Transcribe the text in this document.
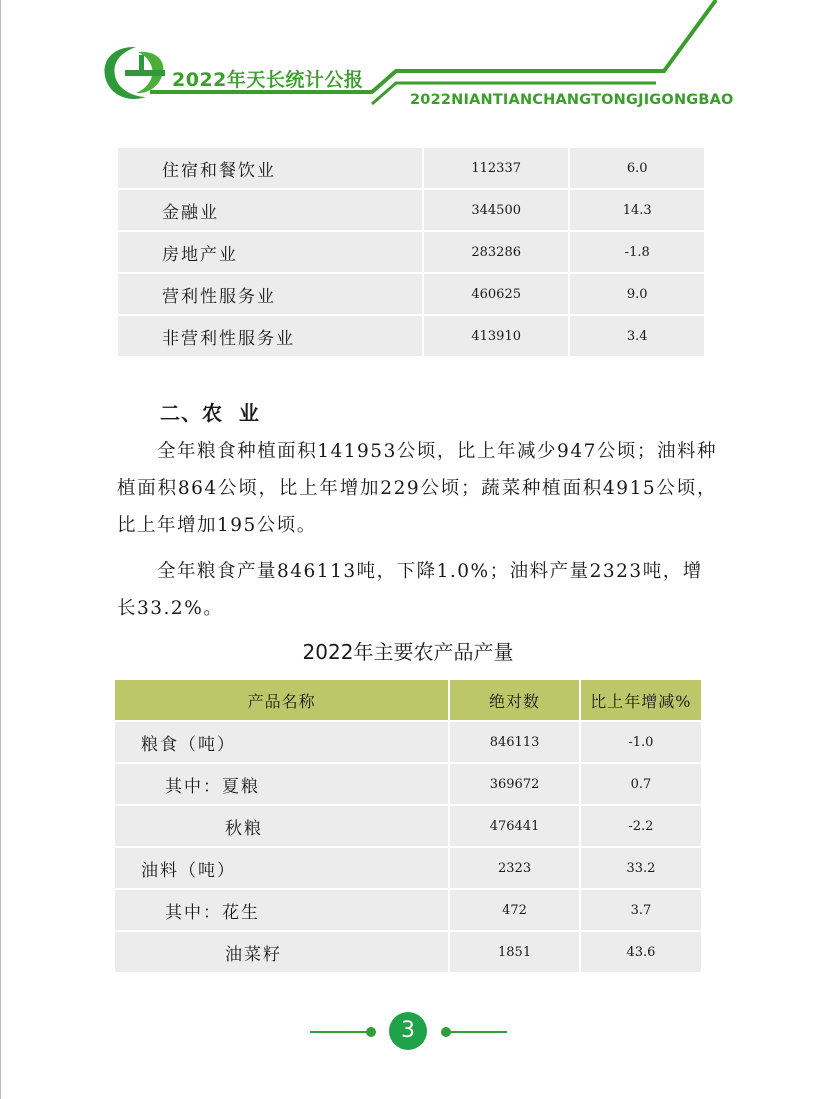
2022年天长统计公报
2022NIANTIANCHANGTONGJIGONGBAO
住宿和餐饮业	112337	6.0
金融业	344500	14.3
房地产业	283286	-1.8
营利性服务业	460625	9.0
非营利性服务业	413910	3.4
二、农  业

全年粮食种植面积141953公顷，比上年减少947公顷；油料种植面积864公顷，比上年增加229公顷；蔬菜种植面积4915公顷，比上年增加195公顷。

全年粮食产量846113吨，下降1.0%；油料产量2323吨，增长33.2%。

2022年主要农产品产量
产品名称	绝对数	比上年增减%
粮食（吨）	846113	-1.0
其中：夏粮	369672	0.7
秋粮	476441	-2.2
油料（吨）	2323	33.2
其中：花生	472	3.7
油菜籽	1851	43.6
3
